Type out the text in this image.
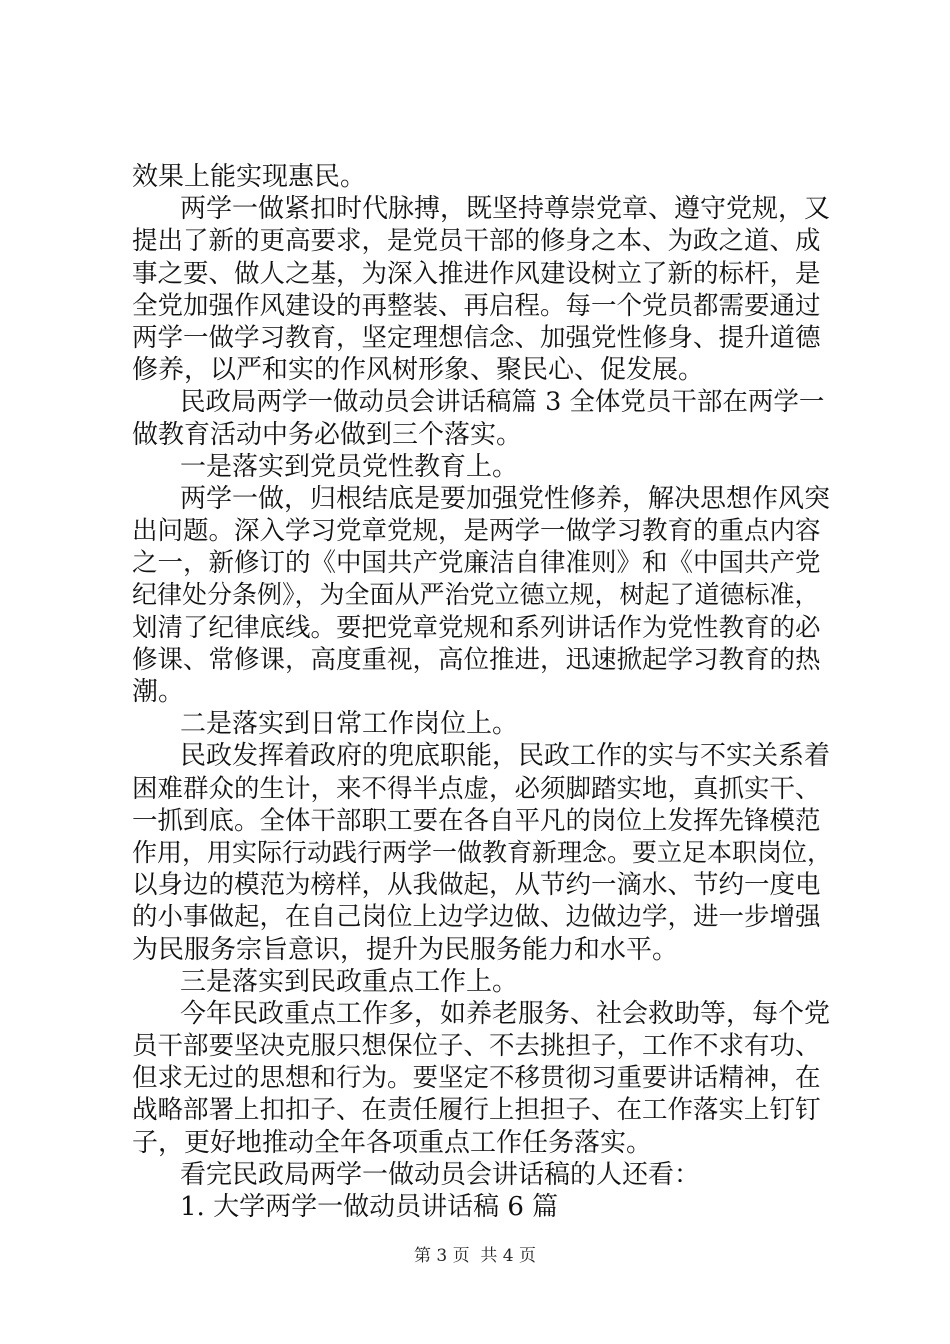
效果上能实现惠民。
两学一做紧扣时代脉搏，既坚持尊崇党章、遵守党规，又
提出了新的更高要求，是党员干部的修身之本、为政之道、成
事之要、做人之基，为深入推进作风建设树立了新的标杆，是
全党加强作风建设的再整装、再启程。每一个党员都需要通过
两学一做学习教育，坚定理想信念、加强党性修身、提升道德
修养，以严和实的作风树形象、聚民心、促发展。
民政局两学一做动员会讲话稿篇 3 全体党员干部在两学一
做教育活动中务必做到三个落实。
一是落实到党员党性教育上。
两学一做，归根结底是要加强党性修养，解决思想作风突
出问题。深入学习党章党规，是两学一做学习教育的重点内容
之一，新修订的《中国共产党廉洁自律准则》和《中国共产党
纪律处分条例》，为全面从严治党立德立规，树起了道德标准，
划清了纪律底线。要把党章党规和系列讲话作为党性教育的必
修课、常修课，高度重视，高位推进，迅速掀起学习教育的热
潮。
二是落实到日常工作岗位上。
民政发挥着政府的兜底职能，民政工作的实与不实关系着
困难群众的生计，来不得半点虚，必须脚踏实地，真抓实干、
一抓到底。全体干部职工要在各自平凡的岗位上发挥先锋模范
作用，用实际行动践行两学一做教育新理念。要立足本职岗位，
以身边的模范为榜样，从我做起，从节约一滴水、节约一度电
的小事做起，在自己岗位上边学边做、边做边学，进一步增强
为民服务宗旨意识，提升为民服务能力和水平。
三是落实到民政重点工作上。
今年民政重点工作多，如养老服务、社会救助等，每个党
员干部要坚决克服只想保位子、不去挑担子，工作不求有功、
但求无过的思想和行为。要坚定不移贯彻习重要讲话精神，在
战略部署上扣扣子、在责任履行上担担子、在工作落实上钉钉
子，更好地推动全年各项重点工作任务落实。
看完民政局两学一做动员会讲话稿的人还看：
1. 大学两学一做动员讲话稿 6 篇
第 3 页  共 4 页
